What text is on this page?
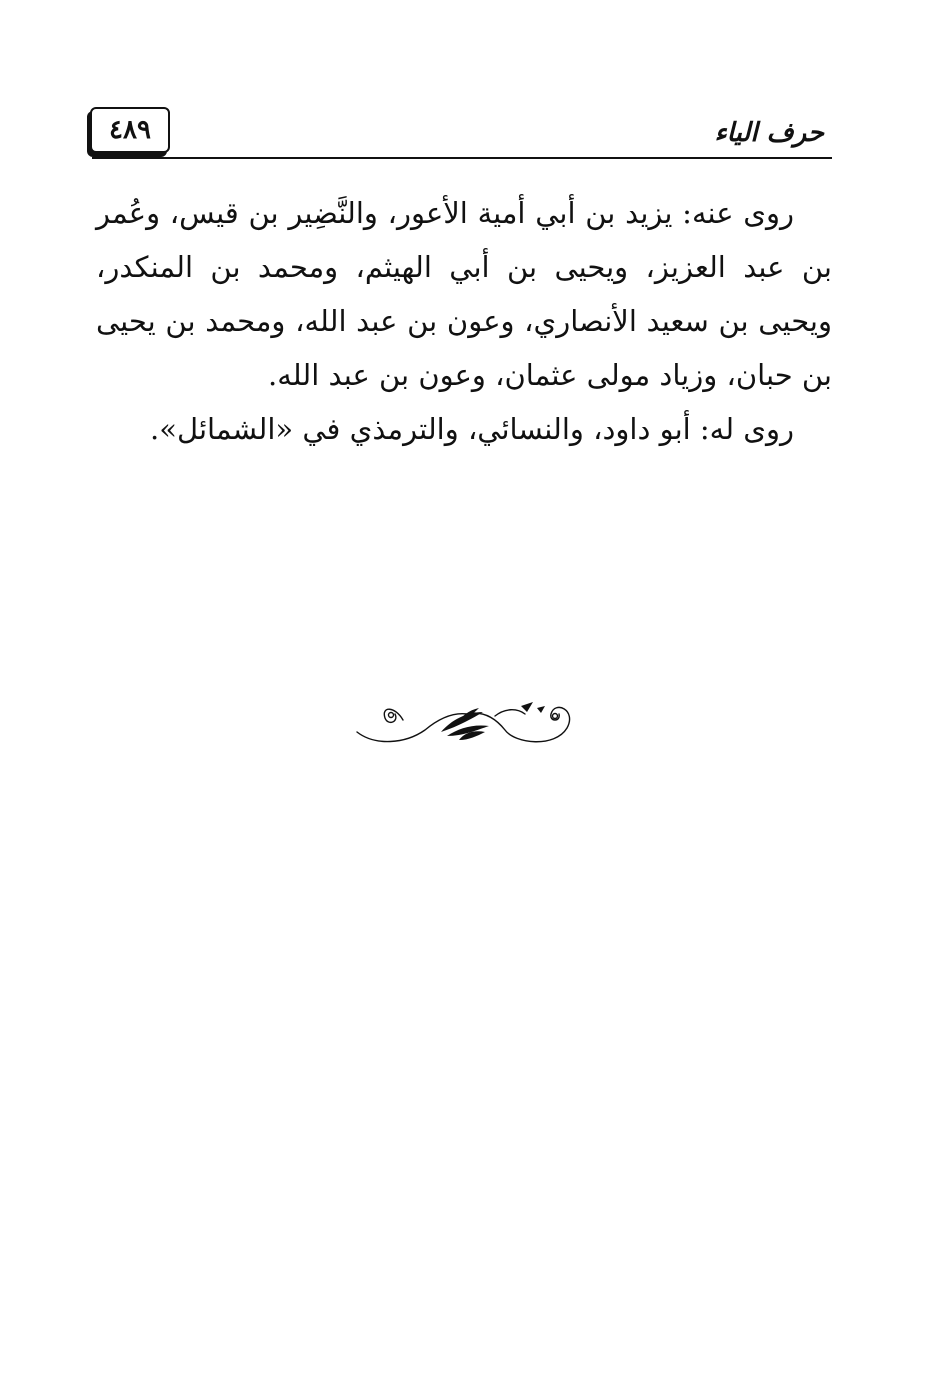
٤٨٩	حرف الياء

روى عنه: يزيد بن أبي أمية الأعور، والنَّضِير بن قيس، وعُمر بن عبد العزيز، ويحيى بن أبي الهيثم، ومحمد بن المنكدر، ويحيى بن سعيد الأنصاري، وعون بن عبد الله، ومحمد بن يحيى بن حبان، وزياد مولى عثمان، وعون بن عبد الله.

روى له: أبو داود، والنسائي، والترمذي في «الشمائل».
